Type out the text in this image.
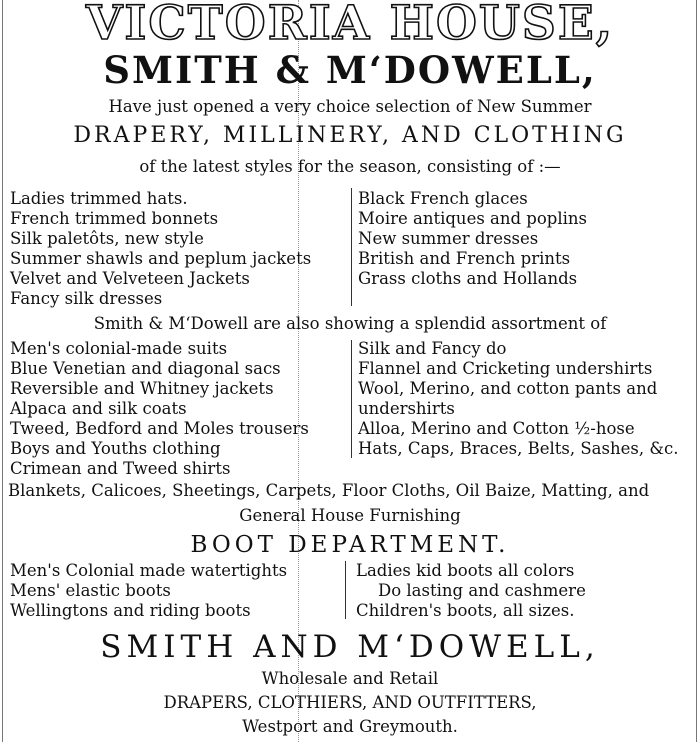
VICTORIA HOUSE,
SMITH & M‘DOWELL,
Have just opened a very choice selection of New Summer
DRAPERY, MILLINERY, AND CLOTHING
of the latest styles for the season, consisting of :—
Ladies trimmed hats.
French trimmed bonnets
Silk paletôts, new style
Summer shawls and peplum jackets
Velvet and Velveteen Jackets
Fancy silk dresses
Black French glaces
Moire antiques and poplins
New summer dresses
British and French prints
Grass cloths and Hollands
Smith & M‘Dowell are also showing a splendid assortment of
Men's colonial-made suits
Blue Venetian and diagonal sacs
Reversible and Whitney jackets
Alpaca and silk coats
Tweed, Bedford and Moles trousers
Boys and Youths clothing
Crimean and Tweed shirts
Silk and Fancy do
Flannel and Cricketing undershirts
Wool, Merino, and cotton pants and
undershirts
Alloa, Merino and Cotton ½-hose
Hats, Caps, Braces, Belts, Sashes, &c.
Blankets, Calicoes, Sheetings, Carpets, Floor Cloths, Oil Baize, Matting, and
General House Furnishing
BOOT DEPARTMENT.
Men's Colonial made watertights
Mens' elastic boots
Wellingtons and riding boots
Ladies kid boots all colors
Do lasting and cashmere
Children's boots, all sizes.
SMITH AND M‘DOWELL,
Wholesale and Retail
DRAPERS, CLOTHIERS, AND OUTFITTERS,
Westport and Greymouth.
